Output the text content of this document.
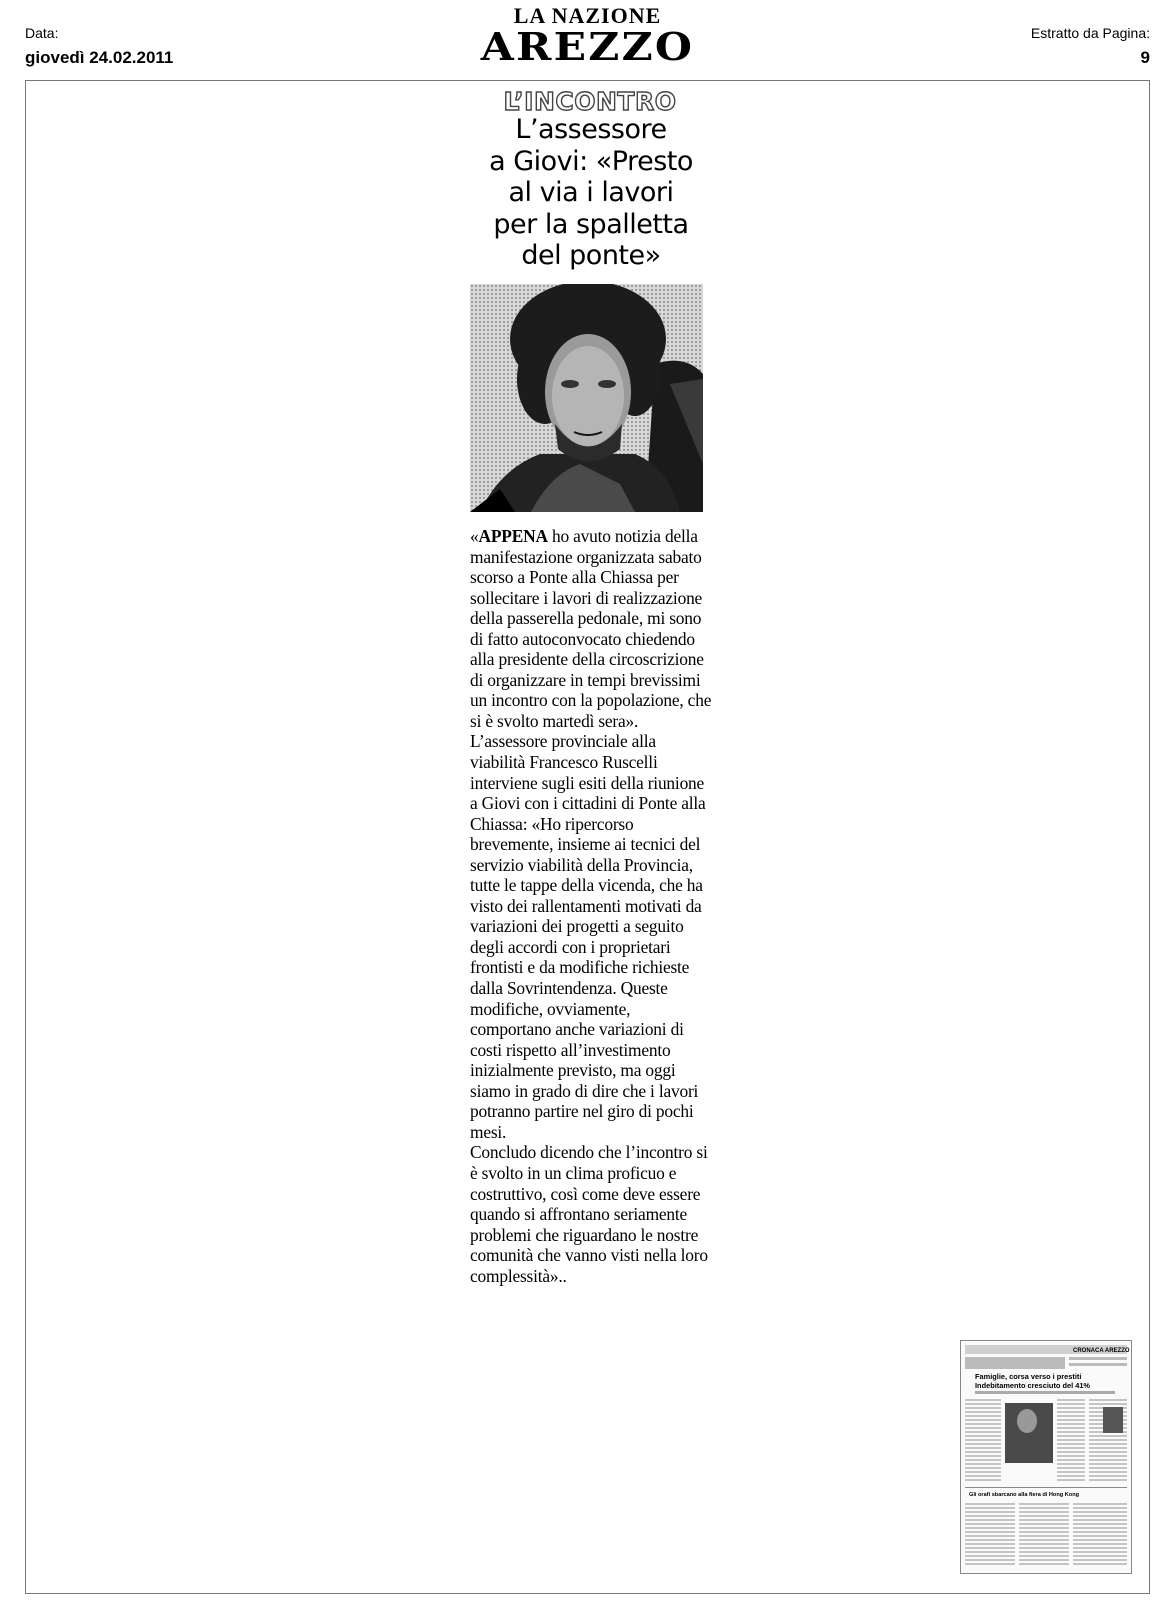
Data:
giovedì 24.02.2011
LA NAZIONE
AREZZO	Estratto da Pagina:
9
L’INCONTRO
L’assessore
a Giovi: «Presto
al via i lavori
per la spalletta
del ponte»

«APPENA ho avuto notizia della manifestazione organizzata sabato scorso a Ponte alla Chiassa per sollecitare i lavori di realizzazione della passerella pedonale, mi sono di fatto autoconvocato chiedendo alla presidente della circoscrizione di organizzare in tempi brevissimi un incontro con la popolazione, che si è svolto martedì sera».

L’assessore provinciale alla viabilità Francesco Ruscelli interviene sugli esiti della riunione a Giovi con i cittadini di Ponte alla Chiassa: «Ho ripercorso brevemente, insieme ai tecnici del servizio viabilità della Provincia, tutte le tappe della vicenda, che ha visto dei rallentamenti motivati da variazioni dei progetti a seguito degli accordi con i proprietari frontisti e da modifiche richieste dalla Sovrintendenza. Queste modifiche, ovviamente, comportano anche variazioni di costi rispetto all’investimento inizialmente previsto, ma oggi siamo in grado di dire che i lavori potranno partire nel giro di pochi mesi.

Concludo dicendo che l’incontro si è svolto in un clima proficuo e costruttivo, così come deve essere quando si affrontano seriamente problemi che riguardano le nostre comunità che vanno visti nella loro complessità»..

CRONACA AREZZO
Famiglie, corsa verso i prestiti
Indebitamento cresciuto del 41%
Gli orafi sbarcano alla fiera di Hong Kong
